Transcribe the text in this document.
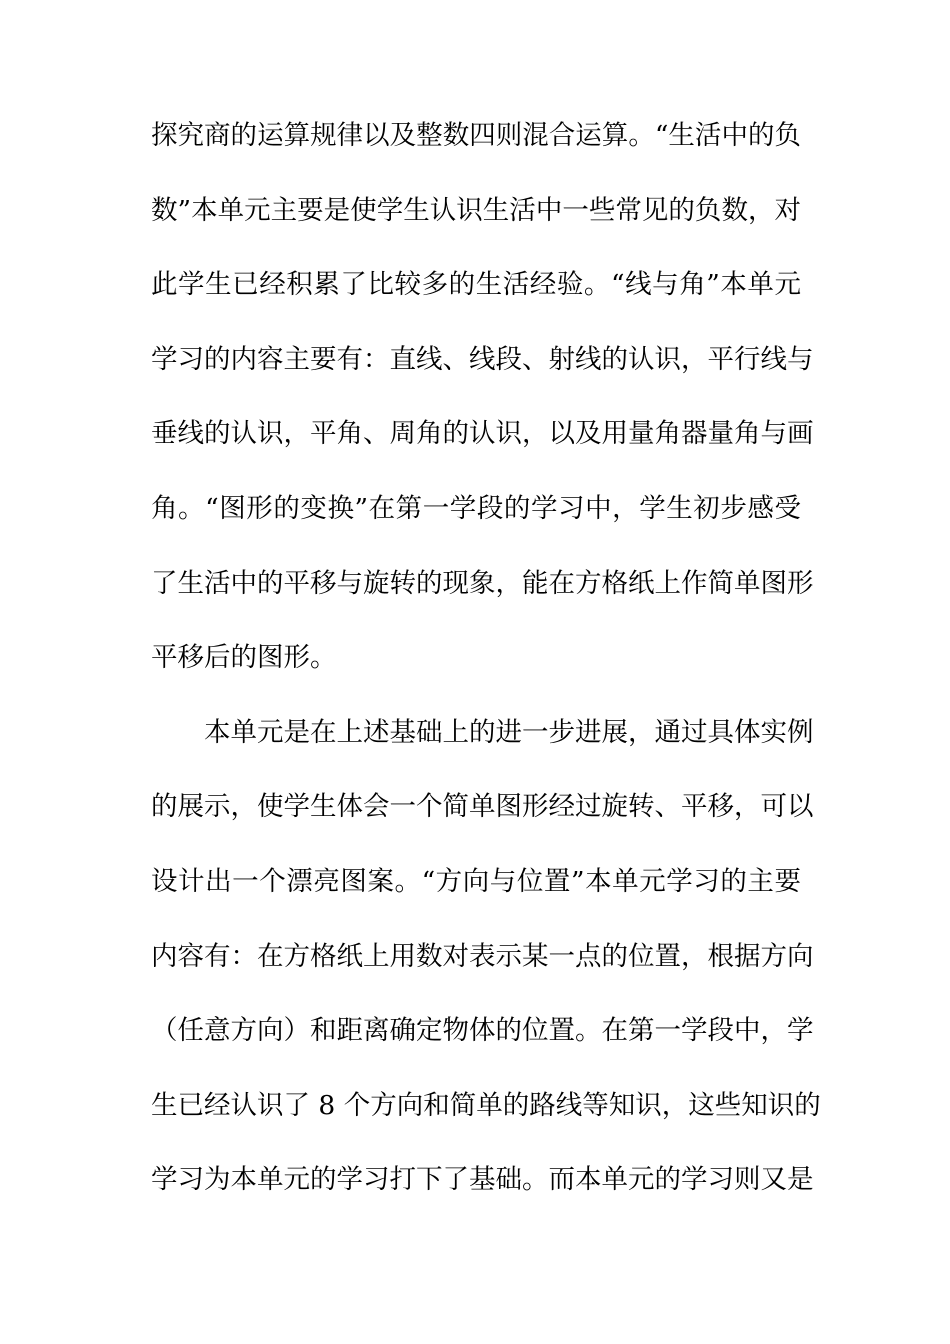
探究商的运算规律以及整数四则混合运算。“生活中的负
数”本单元主要是使学生认识生活中一些常见的负数，对
此学生已经积累了比较多的生活经验。“线与角”本单元
学习的内容主要有：直线、线段、射线的认识，平行线与
垂线的认识，平角、周角的认识，以及用量角器量角与画
角。“图形的变换”在第一学段的学习中，学生初步感受
了生活中的平移与旋转的现象，能在方格纸上作简单图形
平移后的图形。
本单元是在上述基础上的进一步进展，通过具体实例
的展示，使学生体会一个简单图形经过旋转、平移，可以
设计出一个漂亮图案。“方向与位置”本单元学习的主要
内容有：在方格纸上用数对表示某一点的位置，根据方向
（任意方向）和距离确定物体的位置。在第一学段中，学
生已经认识了 8 个方向和简单的路线等知识，这些知识的
学习为本单元的学习打下了基础。而本单元的学习则又是
